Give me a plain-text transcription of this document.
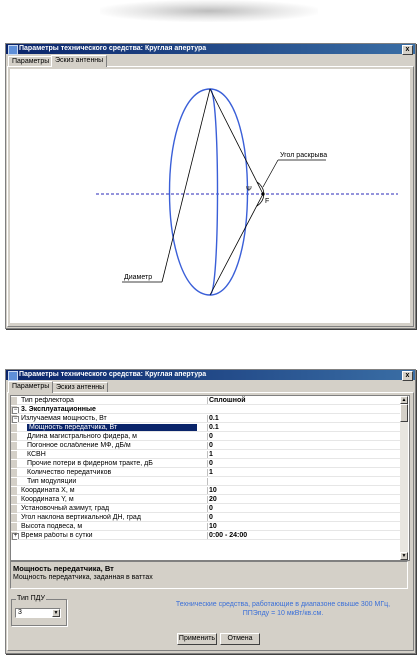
Параметры технического средства: Круглая апертура	x
Параметры Эскиз антенны
Угол раскрыва
Ψ
F
Диаметр
Параметры технического средства: Круглая апертура	x
Параметры Эскиз антенны
Тип рефлектора	Сплошной
− 3. Эксплуатационные
− Излучаемая мощность, Вт	0.1
Мощность передатчика, Вт	0.1
Длина магистрального фидера, м	0
Погонное ослабление МФ, дБ/м	0
КСВН	1
Прочие потери в фидерном тракте, дБ	0
Количество передатчиков	1
Тип модуляции
Координата X, м	10
Координата Y, м	20
Установочный азимут, град	0
Угол наклона вертикальной ДН, град	0
Высота подвеса, м	10
+ Время работы в сутки	0:00 - 24:00
▲
▼
Мощность передатчика, Вт
Мощность передатчика, заданная в ваттах
Тип ПДУ
3	▼
Технические средства, работающие в диапазоне свыше 300 МГц,
ППЭпду = 10 мкВт/кв.см.
Применить	Отмена
